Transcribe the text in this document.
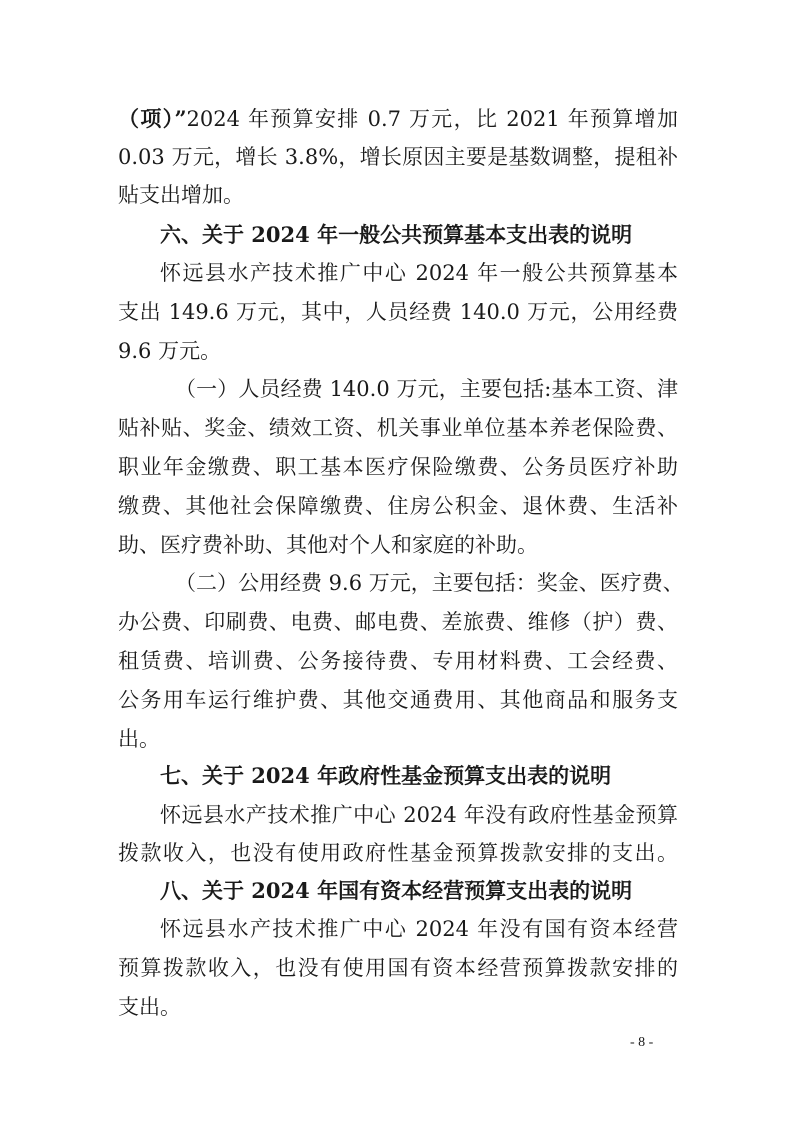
（项）”2024 年预算安排 0.7 万元，比 2021 年预算增加
0.03 万元，增长 3.8%，增长原因主要是基数调整，提租补
贴支出增加。
六、关于 2024 年一般公共预算基本支出表的说明
怀远县水产技术推广中心 2024 年一般公共预算基本
支出 149.6 万元，其中，人员经费 140.0 万元，公用经费
9.6 万元。
（一）人员经费 140.0 万元，主要包括:基本工资、津
贴补贴、奖金、绩效工资、机关事业单位基本养老保险费、
职业年金缴费、职工基本医疗保险缴费、公务员医疗补助
缴费、其他社会保障缴费、住房公积金、退休费、生活补
助、医疗费补助、其他对个人和家庭的补助。
（二）公用经费 9.6 万元，主要包括：奖金、医疗费、
办公费、印刷费、电费、邮电费、差旅费、维修（护）费、
租赁费、培训费、公务接待费、专用材料费、工会经费、
公务用车运行维护费、其他交通费用、其他商品和服务支
出。
七、关于 2024 年政府性基金预算支出表的说明
怀远县水产技术推广中心 2024 年没有政府性基金预算
拨款收入，也没有使用政府性基金预算拨款安排的支出。
八、关于 2024 年国有资本经营预算支出表的说明
怀远县水产技术推广中心 2024 年没有国有资本经营
预算拨款收入，也没有使用国有资本经营预算拨款安排的
支出。
- 8 -
